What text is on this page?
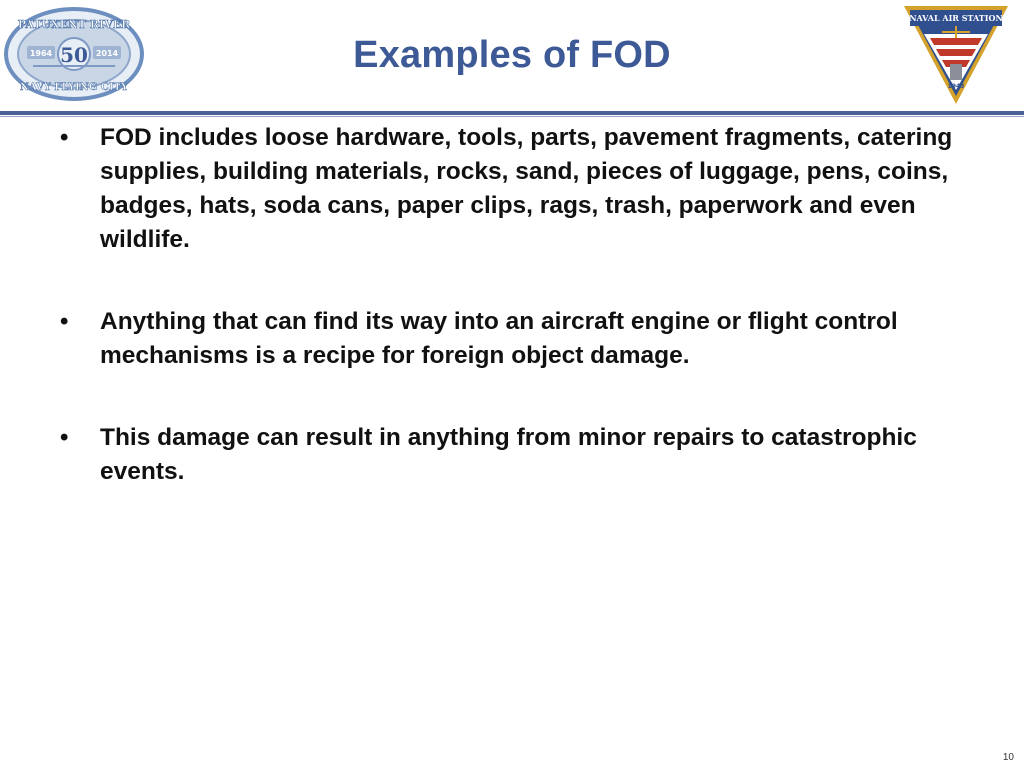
PATUXENT RIVER
1964	2014
50
NAVY FLYING CITY
Examples of FOD
NAVAL AIR STATION
1943
• FOD includes loose hardware, tools, parts, pavement fragments, catering supplies, building materials, rocks, sand, pieces of luggage, pens, coins, badges, hats, soda cans, paper clips, rags, trash, paperwork and even wildlife.
• Anything that can find its way into an aircraft engine or flight control mechanisms is a recipe for foreign object damage.
• This damage can result in anything from minor repairs to catastrophic events.
10
